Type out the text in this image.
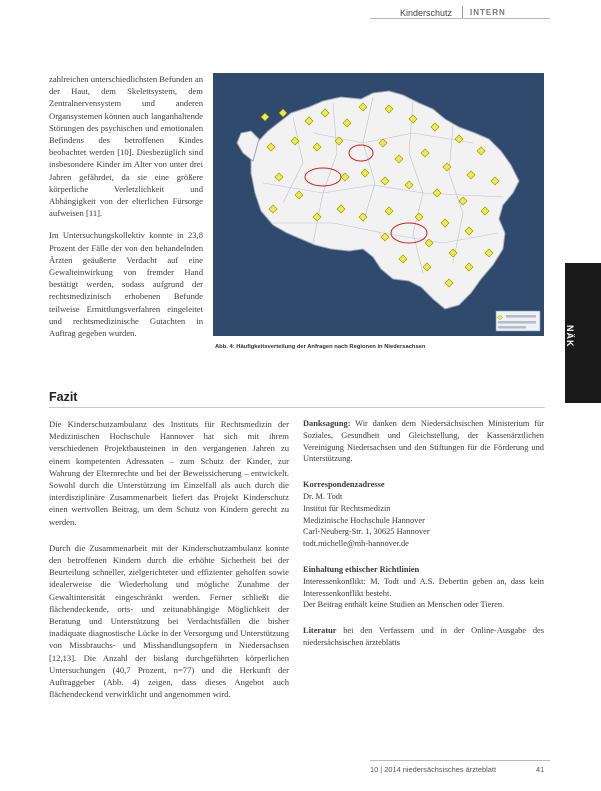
Kinderschutz INTERN
NÄK

zahlreichen unterschiedlichsten Befunden an der Haut, dem Skelettsystem, dem Zentralnervensystem und anderen Organsystemen können auch langanhaltende Störungen des psychischen und emotionalen Befindens des betroffenen Kindes beobachtet werden [10]. Diesbezüglich sind insbesondere Kinder im Alter von unter drei Jahren gefährdet, da sie eine größere körperliche Verletzlichkeit und Abhängigkeit von der elterlichen Fürsorge aufweisen [11].

Im Untersuchungskollektiv konnte in 23,8 Prozent der Fälle der von den behandelnden Ärzten geäußerte Verdacht auf eine Gewalteinwirkung von fremder Hand bestätigt werden, sodass aufgrund der rechtsmedizinisch erhobenen Befunde teilweise Ermittlungsverfahren eingeleitet und rechtsmedizinische Gutachten in Auftrag gegeben wurden.

Abb. 4: Häufigkeitsverteilung der Anfragen nach Regionen in Niedersachsen
Fazit

Die Kinderschutzambulanz des Instituts für Rechtsmedizin der Medizinischen Hochschule Hannover hat sich mit ihrem verschiedenen Projektbausteinen in den vergangenen Jahren zu einem kompetenten Adressaten – zum Schutz der Kinder, zur Wahrung der Elternrechte und bei der Beweissicherung – entwickelt. Sowohl durch die Unterstützung im Einzelfall als auch durch die interdisziplinäre Zusammenarbeit liefert das Projekt Kinderschutz einen wertvollen Beitrag, um dem Schutz von Kindern gerecht zu werden.

Durch die Zusammenarbeit mit der Kinderschutzambulanz konnte den betroffenen Kindern durch die erhöhte Sicherheit bei der Beurteilung schneller, zielgerichteter und effizienter geholfen sowie idealerweise die Wiederholung und mögliche Zunahme der Gewaltintensität eingeschränkt werden. Ferner schließt die flächendeckende, orts- und zeitunabhängige Möglichkeit der Beratung und Unterstützung bei Verdachtsfällen die bisher inadäquate diagnostische Lücke in der Versorgung und Unterstützung von Missbrauchs- und Misshandlungsopfern in Niedersachsen [12,13]. Die Anzahl der bislang durchgeführten körperlichen Untersuchungen (40,7 Prozent, n=77) und die Herkunft der Auftraggeber (Abb. 4) zeigen, dass dieses Angebot auch flächendeckend verwirklicht und angenommen wird.

Danksagung: Wir danken dem Niedersächsischen Ministerium für Soziales, Gesundheit und Gleichstellung, der Kassenärztlichen Vereinigung Niedersachsen und den Stiftungen für die Förderung und Unterstützung.
Korrespondenzadresse
Dr. M. Todt
Institut für Rechtsmedizin
Medizinische Hochschule Hannover
Carl-Neuberg-Str. 1, 30625 Hannover
todt.michelle@mh-hannover.de
Einhaltung ethischer Richtlinien
Interessenkonflikt: M. Todt und A.S. Debertin geben an, dass kein Interessenkonflikt besteht.
Der Beitrag enthält keine Studien an Menschen oder Tieren.
Literatur bei den Verfassern und in der Online-Ausgabe des niedersächsischen ärzteblatts
10 | 2014 niedersächsisches ärzteblatt	41
